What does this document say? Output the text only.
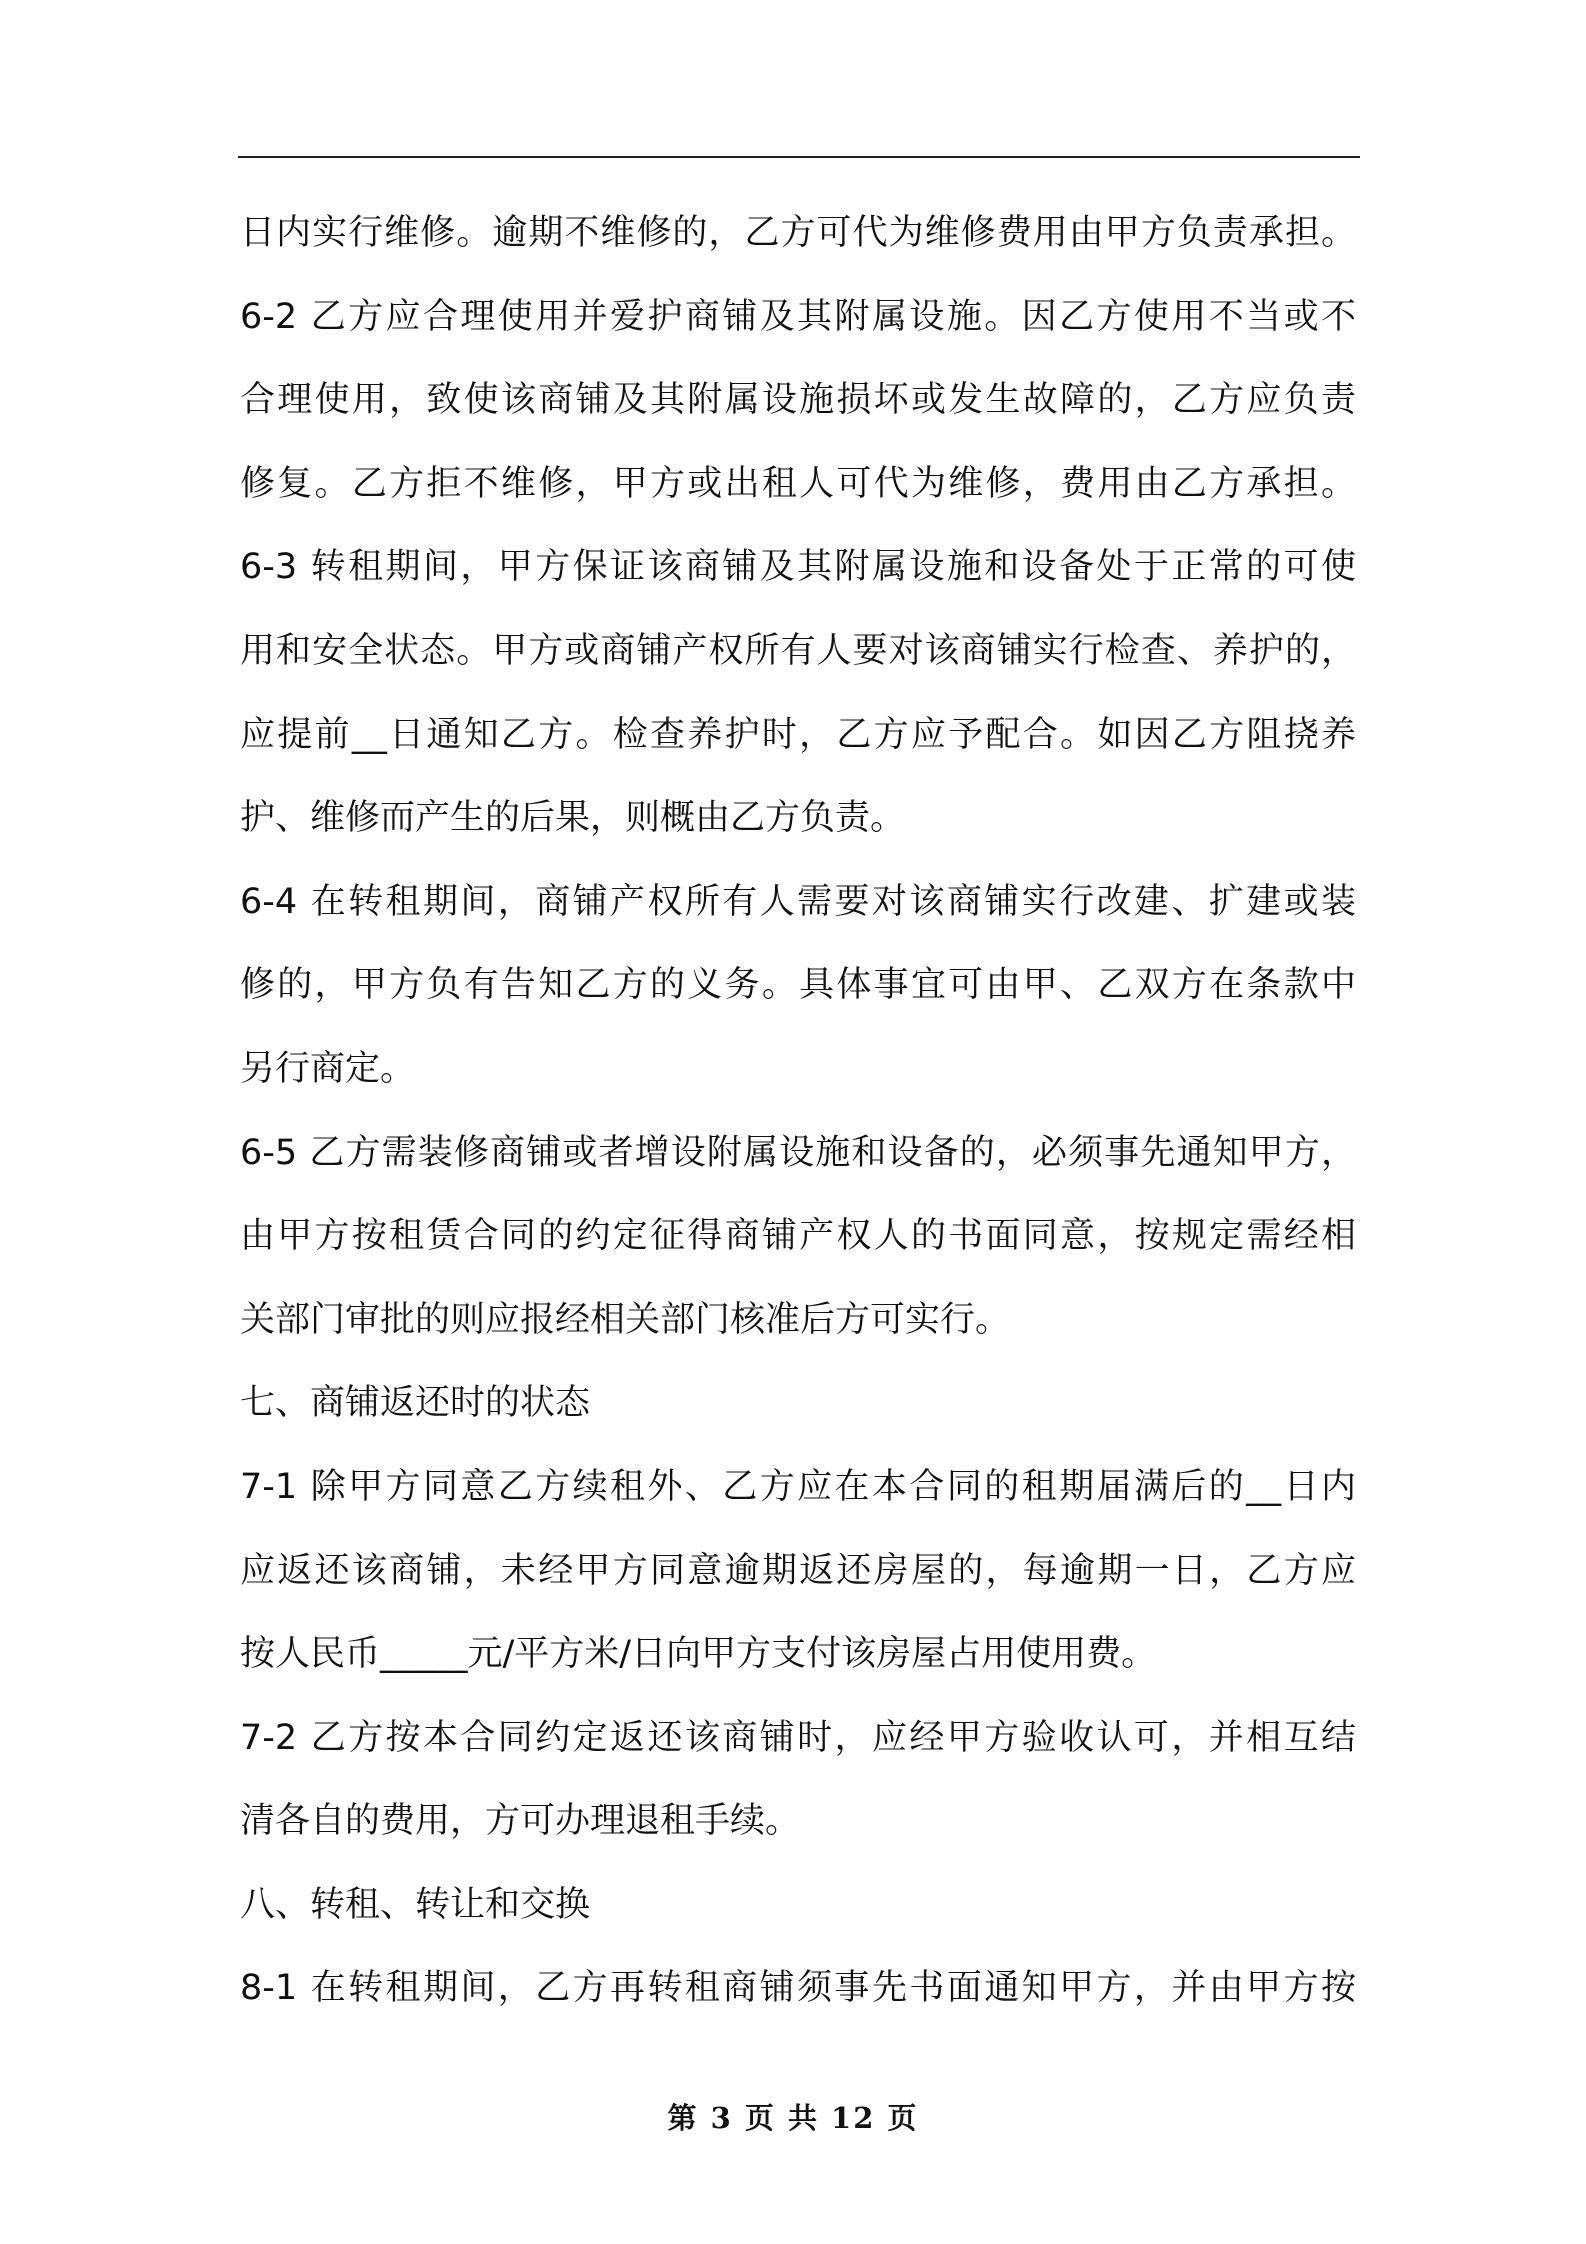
日内实行维修。逾期不维修的，乙方可代为维修费用由甲方负责承担。
6-2 乙方应合理使用并爱护商铺及其附属设施。因乙方使用不当或不
合理使用，致使该商铺及其附属设施损坏或发生故障的，乙方应负责
修复。乙方拒不维修，甲方或出租人可代为维修，费用由乙方承担。
6-3 转租期间，甲方保证该商铺及其附属设施和设备处于正常的可使
用和安全状态。甲方或商铺产权所有人要对该商铺实行检查、养护的，
应提前__日通知乙方。检查养护时，乙方应予配合。如因乙方阻挠养
护、维修而产生的后果，则概由乙方负责。
6-4 在转租期间，商铺产权所有人需要对该商铺实行改建、扩建或装
修的，甲方负有告知乙方的义务。具体事宜可由甲、乙双方在条款中
另行商定。
6-5 乙方需装修商铺或者增设附属设施和设备的，必须事先通知甲方，
由甲方按租赁合同的约定征得商铺产权人的书面同意，按规定需经相
关部门审批的则应报经相关部门核准后方可实行。
七、商铺返还时的状态
7-1 除甲方同意乙方续租外、乙方应在本合同的租期届满后的__日内
应返还该商铺，未经甲方同意逾期返还房屋的，每逾期一日，乙方应
按人民币_____元/平方米/日向甲方支付该房屋占用使用费。
7-2 乙方按本合同约定返还该商铺时，应经甲方验收认可，并相互结
清各自的费用，方可办理退租手续。
八、转租、转让和交换
8-1 在转租期间，乙方再转租商铺须事先书面通知甲方，并由甲方按
第 3 页 共 12 页
